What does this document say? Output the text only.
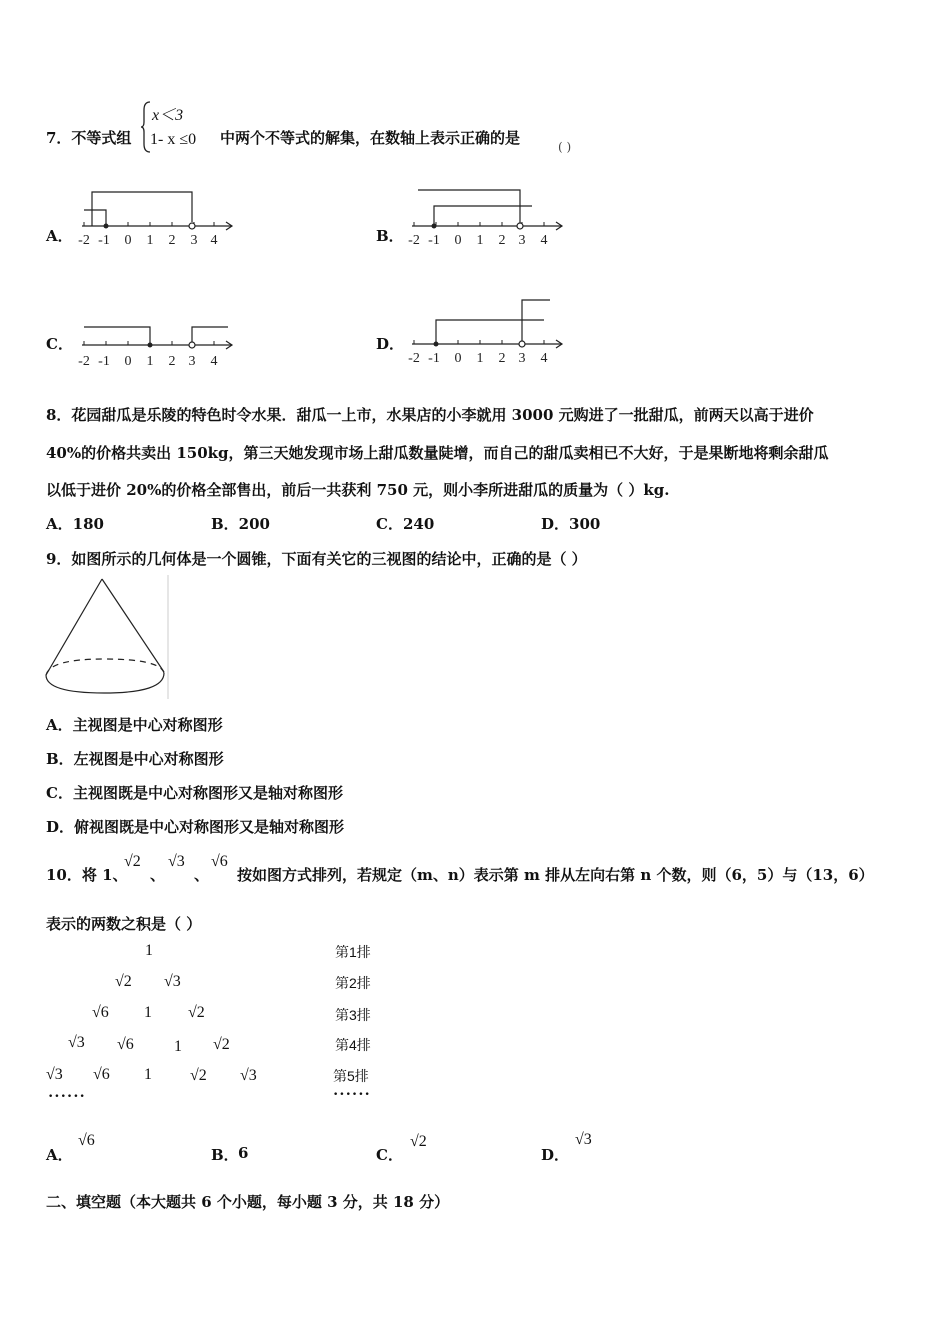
7．不等式组
x＜3
1- x ≤0 中两个不等式的解集，在数轴上表示正确的是	( )
A． -2 -1 0 1 2 3 4	B． -2 -1 0 1 2 3 4
C．
-2 -1 0 1 2 3 4
D．
-2 -1 0 1 2 3 4
8．花园甜瓜是乐陵的特色时令水果．甜瓜一上市，水果店的小李就用 3000 元购进了一批甜瓜，前两天以高于进价
40%的价格共卖出 150kg，第三天她发现市场上甜瓜数量陡增，而自己的甜瓜卖相已不大好，于是果断地将剩余甜瓜
以低于进价 20%的价格全部售出，前后一共获利 750 元，则小李所进甜瓜的质量为（ ）kg.
A．180	B．200	C．240	D．300
9．如图所示的几何体是一个圆锥，下面有关它的三视图的结论中，正确的是（ ）
A．主视图是中心对称图形
B．左视图是中心对称图形
C．主视图既是中心对称图形又是轴对称图形
D．俯视图既是中心对称图形又是轴对称图形
10．将 1、
√2
、
√3
、
√6
按如图方式排列，若规定（m、n）表示第 m 排从左向右第 n 个数，则（6，5）与（13，6）
表示的两数之积是（ ）
1
√2 √3
√6 1 √2
√3 √6	1 √2
√3 √6 1 √2 √3
••••••
第1排
第2排
第3排
第4排
第5排
••••••
A．
√6
B． 6	C．
√2
D．
√3
二、填空题（本大题共 6 个小题，每小题 3 分，共 18 分）
